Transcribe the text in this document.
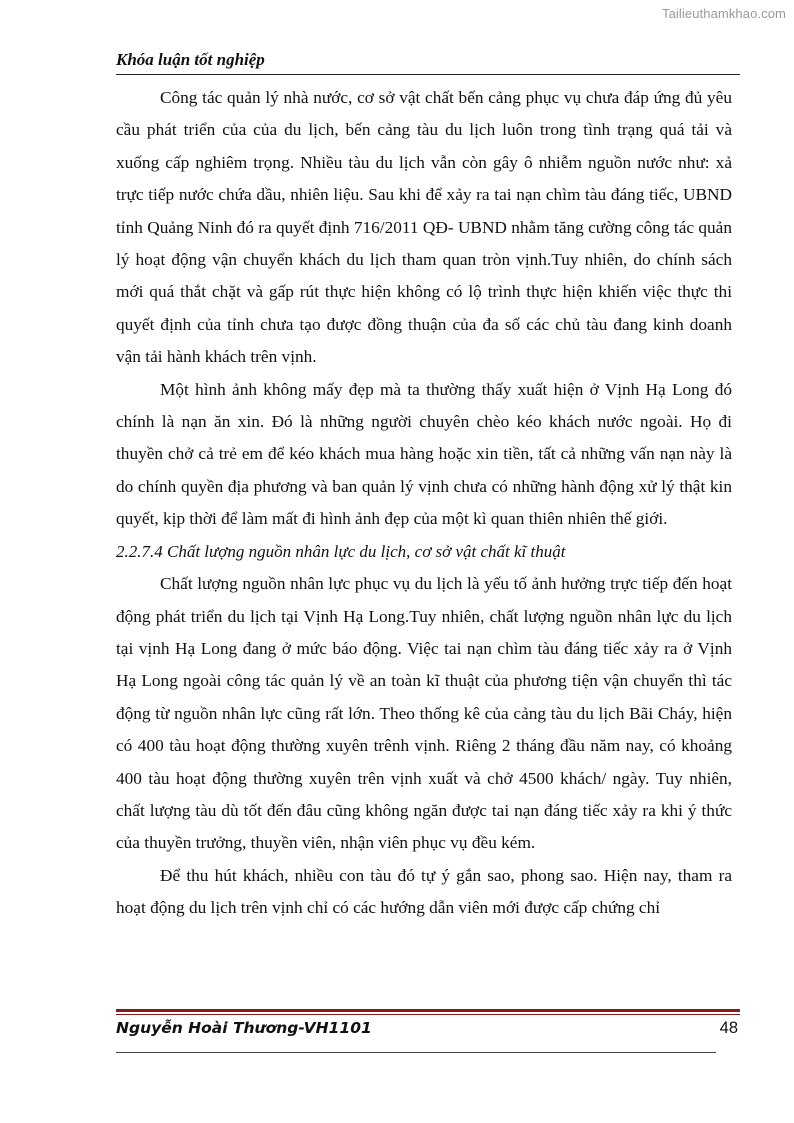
Tailieuthamkhao.com
Khóa luận tốt nghiệp

Công tác quản lý nhà nước, cơ sở vật chất bến cảng phục vụ chưa đáp ứng đủ yêu cầu phát triển của của du lịch, bến cảng tàu du lịch luôn trong tình trạng quá tải và xuống cấp nghiêm trọng. Nhiều tàu du lịch vẫn còn gây ô nhiễm nguồn nước như: xả trực tiếp nước chứa dầu, nhiên liệu. Sau khi để xảy ra tai nạn chìm tàu đáng tiếc, UBND tỉnh Quảng Ninh đó ra quyết định 716/2011 QĐ- UBND nhằm tăng cường công tác quản lý hoạt động vận chuyển khách du lịch tham quan tròn vịnh.Tuy nhiên, do chính sách mới quá thắt chặt và gấp rút thực hiện không có lộ trình thực hiện khiến việc thực thi quyết định của tỉnh chưa tạo được đồng thuận của đa số các chủ tàu đang kinh doanh vận tải hành khách trên vịnh.

Một hình ảnh không mấy đẹp mà ta thường thấy xuất hiện ở Vịnh Hạ Long đó chính là nạn ăn xin. Đó là những người chuyên chèo kéo khách nước ngoài. Họ đi thuyền chở cả trẻ em để kéo khách mua hàng hoặc xin tiền, tất cả những vấn nạn này là do chính quyền địa phương và ban quản lý vịnh chưa có những hành động xử lý thật kin quyết, kịp thời để làm mất đi hình ảnh đẹp của một kì quan thiên nhiên thế giới.

2.2.7.4 Chất lượng nguồn nhân lực du lịch, cơ sở vật chất kĩ thuật

Chất lượng nguồn nhân lực phục vụ du lịch là yếu tố ảnh hưởng trực tiếp đến hoạt động phát triển du lịch tại Vịnh Hạ Long.Tuy nhiên, chất lượng nguồn nhân lực du lịch tại vịnh Hạ Long đang ở mức báo động. Việc tai nạn chìm tàu đáng tiếc xảy ra ở Vịnh Hạ Long ngoài công tác quản lý về an toàn kĩ thuật của phương tiện vận chuyển thì tác động từ nguồn nhân lực cũng rất lớn. Theo thống kê của cảng tàu du lịch Bãi Cháy, hiện có 400 tàu hoạt động thường xuyên trênh vịnh. Riêng 2 tháng đầu năm nay, có khoảng 400 tàu hoạt động thường xuyên trên vịnh xuất và chở 4500 khách/ ngày. Tuy nhiên, chất lượng tàu dù tốt đến đâu cũng không ngăn được tai nạn đáng tiếc xảy ra khi ý thức của thuyền trưởng, thuyền viên, nhận viên phục vụ đều kém.

Để thu hút khách, nhiều con tàu đó tự ý gắn sao, phong sao. Hiện nay, tham ra hoạt động du lịch trên vịnh chỉ có các hướng dẫn viên mới được cấp chứng chỉ

Nguyễn Hoài Thương-VH1101	48
